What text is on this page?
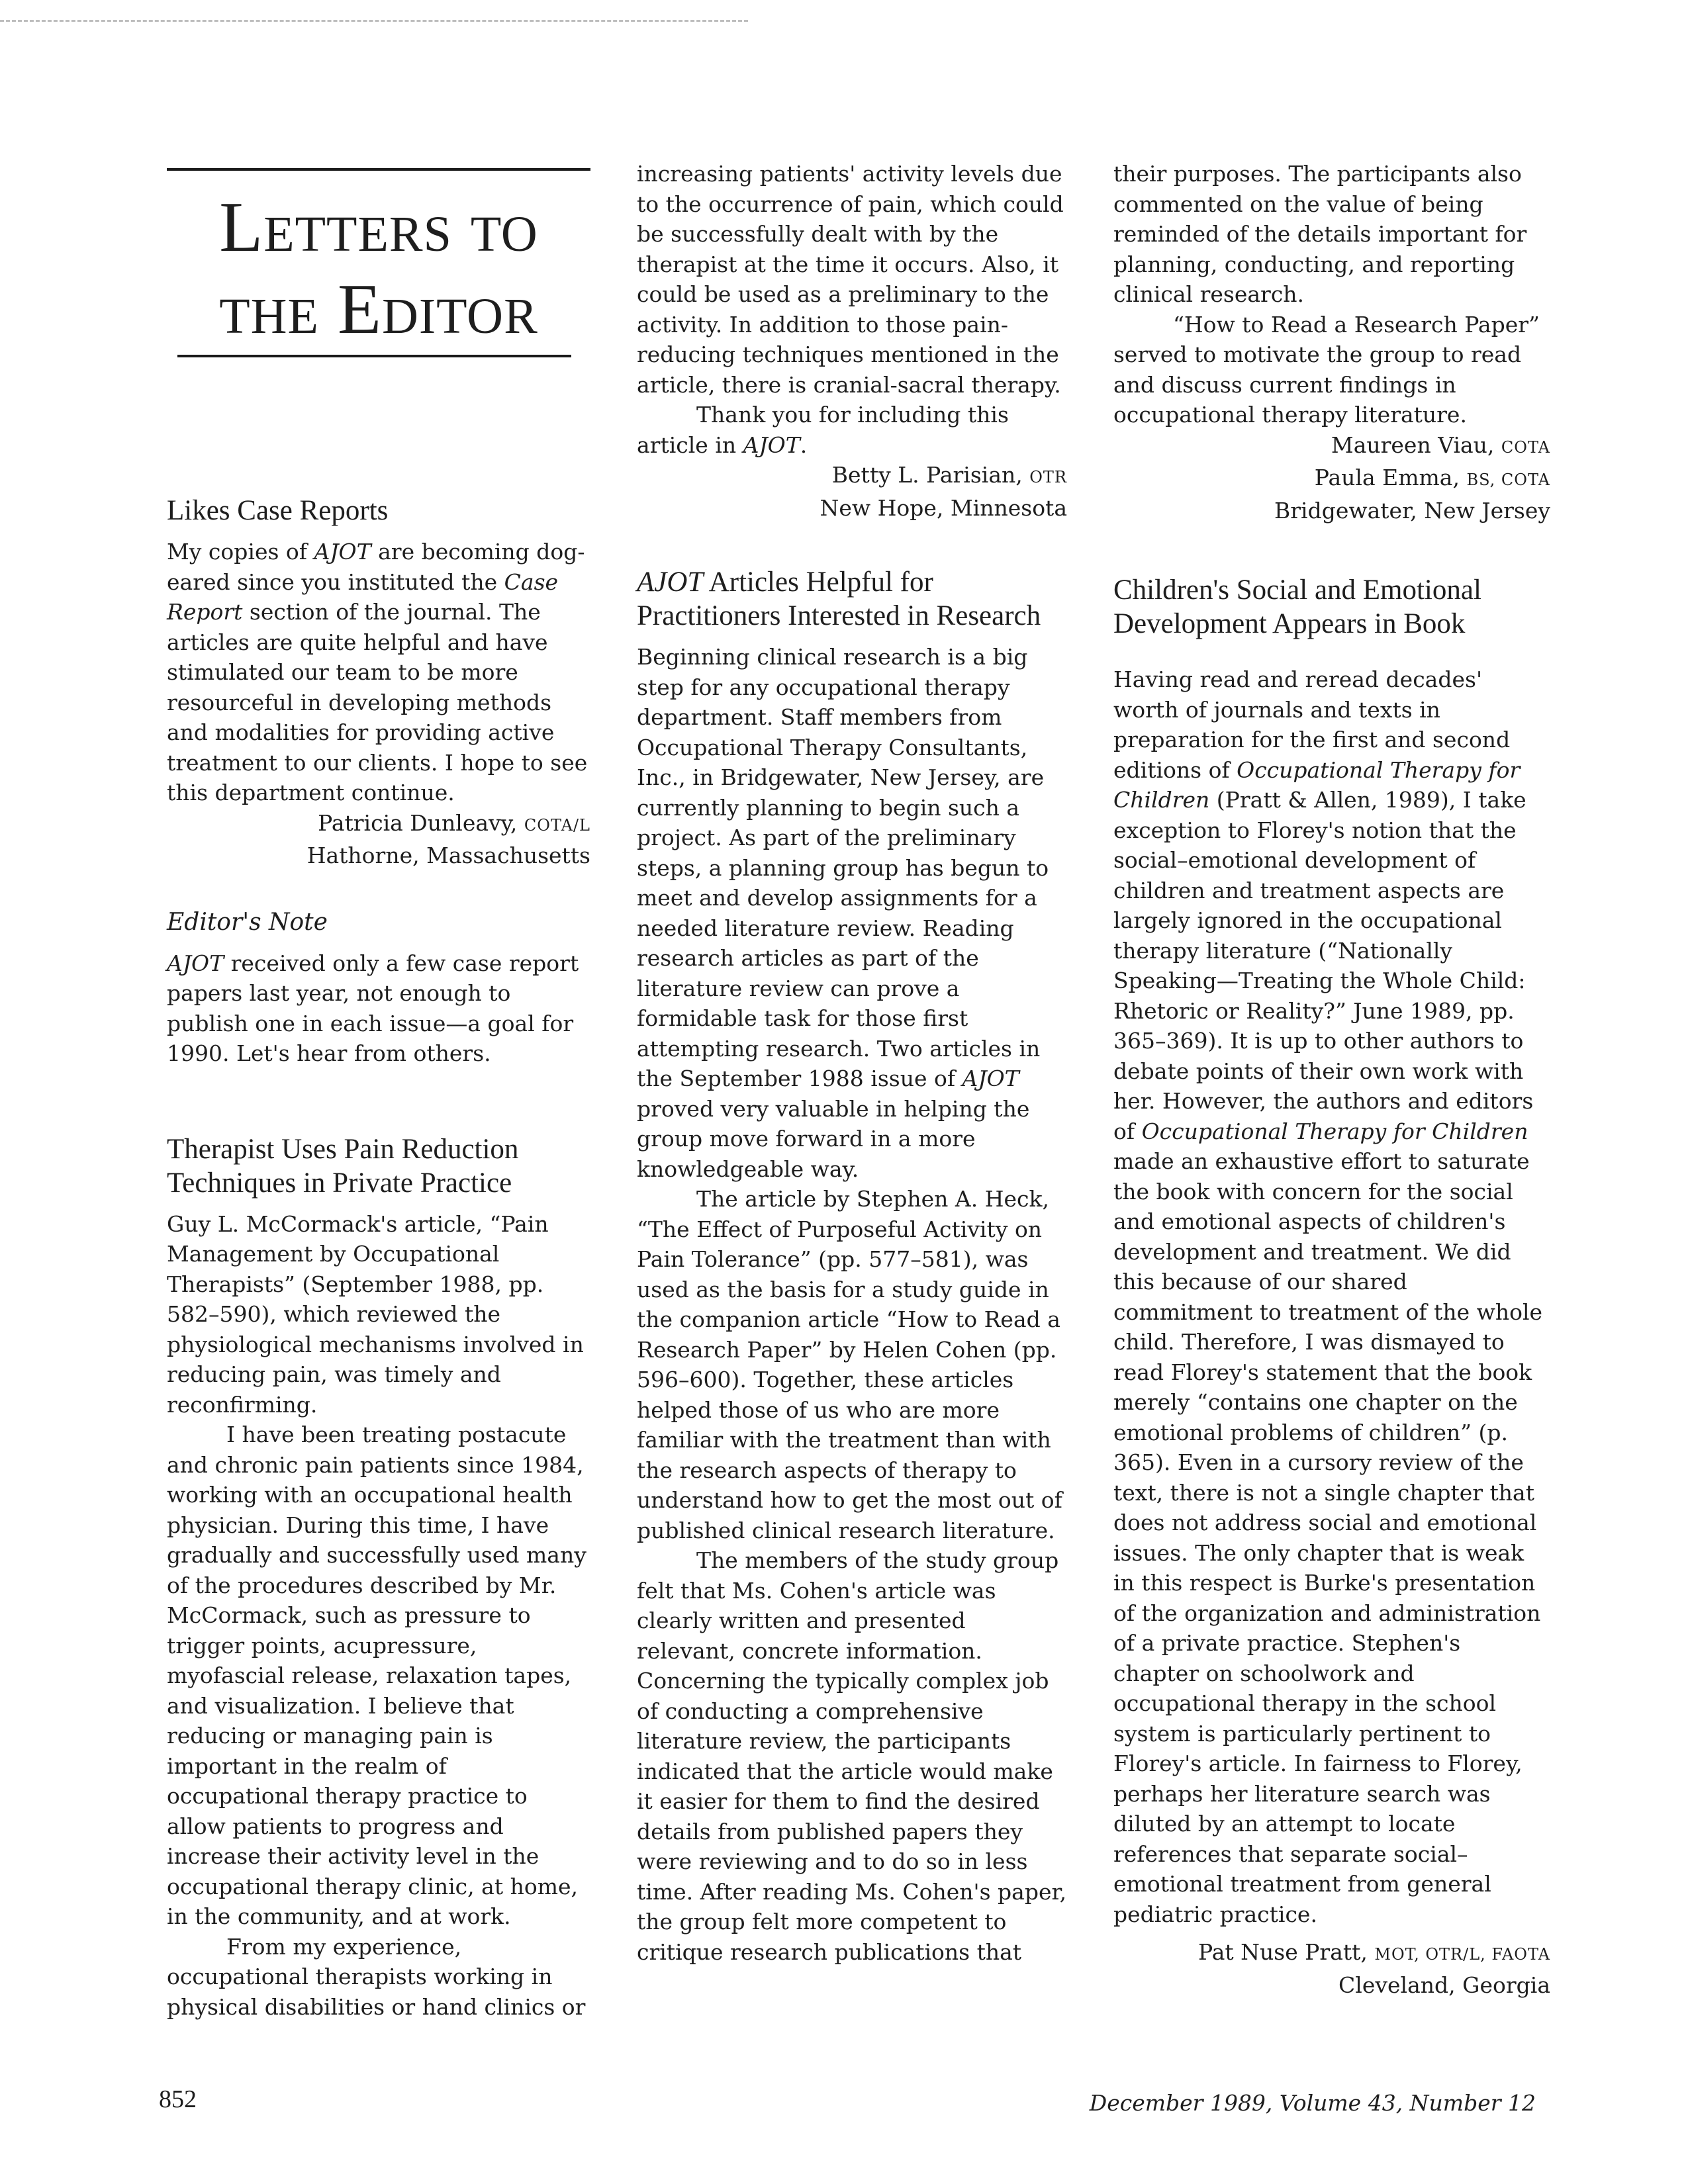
Letters to
the Editor
Likes Case Reports

My copies of AJOT are becoming dog-eared since you instituted the Case Report section of the journal. The articles are quite helpful and have stimulated our team to be more resourceful in developing methods and modalities for providing active treatment to our clients. I hope to see this department continue.

Patricia Dunleavy, COTA/L
Hathorne, Massachusetts
Editor's Note

AJOT received only a few case report papers last year, not enough to publish one in each issue—a goal for 1990. Let's hear from others.

Therapist Uses Pain Reduction Techniques in Private Practice

Guy L. McCormack's article, “Pain Management by Occupational Therapists” (September 1988, pp. 582–590), which reviewed the physiological mechanisms involved in reducing pain, was timely and reconfirming.

I have been treating postacute and chronic pain patients since 1984, working with an occupational health physician. During this time, I have gradually and successfully used many of the procedures described by Mr. McCormack, such as pressure to trigger points, acupressure, myofascial release, relaxation tapes, and visualization. I believe that reducing or managing pain is important in the realm of occupational therapy practice to allow patients to progress and increase their activity level in the occupational therapy clinic, at home, in the community, and at work.

From my experience, occupational therapists working in physical disabilities or hand clinics or

increasing patients' activity levels due to the occurrence of pain, which could be successfully dealt with by the therapist at the time it occurs. Also, it could be used as a preliminary to the activity. In addition to those pain-reducing techniques mentioned in the article, there is cranial-sacral therapy.

Thank you for including this article in AJOT.

Betty L. Parisian, OTR
New Hope, Minnesota
AJOT Articles Helpful for Practitioners Interested in Research

Beginning clinical research is a big step for any occupational therapy department. Staff members from Occupational Therapy Consultants, Inc., in Bridgewater, New Jersey, are currently planning to begin such a project. As part of the preliminary steps, a planning group has begun to meet and develop assignments for a needed literature review. Reading research articles as part of the literature review can prove a formidable task for those first attempting research. Two articles in the September 1988 issue of AJOT proved very valuable in helping the group move forward in a more knowledgeable way.

The article by Stephen A. Heck, “The Effect of Purposeful Activity on Pain Tolerance” (pp. 577–581), was used as the basis for a study guide in the companion article “How to Read a Research Paper” by Helen Cohen (pp. 596–600). Together, these articles helped those of us who are more familiar with the treatment than with the research aspects of therapy to understand how to get the most out of published clinical research literature.

The members of the study group felt that Ms. Cohen's article was clearly written and presented relevant, concrete information. Concerning the typically complex job of conducting a comprehensive literature review, the participants indicated that the article would make it easier for them to find the desired details from published papers they were reviewing and to do so in less time. After reading Ms. Cohen's paper, the group felt more competent to critique research publications that

their purposes. The participants also commented on the value of being reminded of the details important for planning, conducting, and reporting clinical research.

“How to Read a Research Paper” served to motivate the group to read and discuss current findings in occupational therapy literature.

Maureen Viau, COTA
Paula Emma, BS, COTA
Bridgewater, New Jersey
Children's Social and Emotional Development Appears in Book

Having read and reread decades' worth of journals and texts in preparation for the first and second editions of Occupational Therapy for Children (Pratt & Allen, 1989), I take exception to Florey's notion that the social–emotional development of children and treatment aspects are largely ignored in the occupational therapy literature (“Nationally Speaking—Treating the Whole Child: Rhetoric or Reality?” June 1989, pp. 365–369). It is up to other authors to debate points of their own work with her. However, the authors and editors of Occupational Therapy for Children made an exhaustive effort to saturate the book with concern for the social and emotional aspects of children's development and treatment. We did this because of our shared commitment to treatment of the whole child. Therefore, I was dismayed to read Florey's statement that the book merely “contains one chapter on the emotional problems of children” (p. 365). Even in a cursory review of the text, there is not a single chapter that does not address social and emotional issues. The only chapter that is weak in this respect is Burke's presentation of the organization and administration of a private practice. Stephen's chapter on schoolwork and occupational therapy in the school system is particularly pertinent to Florey's article. In fairness to Florey, perhaps her literature search was diluted by an attempt to locate references that separate social–emotional treatment from general pediatric practice.

Pat Nuse Pratt, MOT, OTR/L, FAOTA
Cleveland, Georgia
852	December 1989, Volume 43, Number 12
